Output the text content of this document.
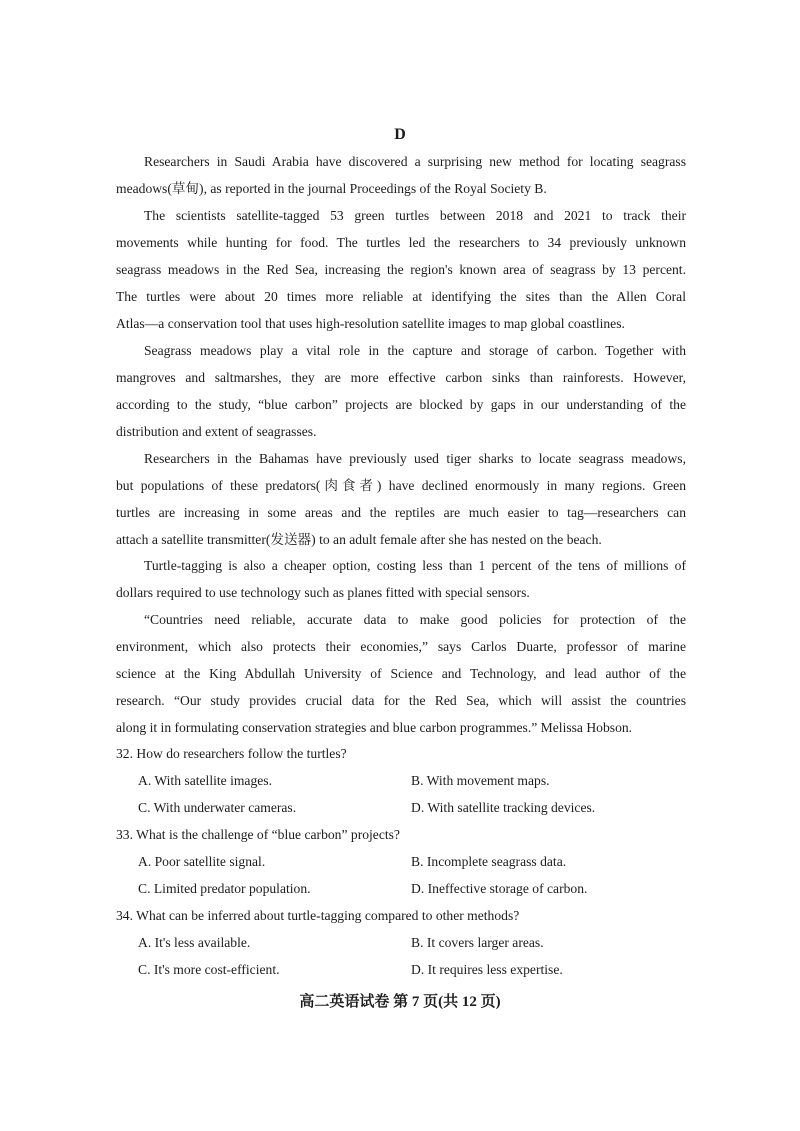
D
Researchers in Saudi Arabia have discovered a surprising new method for locating seagrass
meadows(草甸), as reported in the journal Proceedings of the Royal Society B.
The scientists satellite-tagged 53 green turtles between 2018 and 2021 to track their
movements while hunting for food. The turtles led the researchers to 34 previously unknown
seagrass meadows in the Red Sea, increasing the region's known area of seagrass by 13 percent.
The turtles were about 20 times more reliable at identifying the sites than the Allen Coral
Atlas—a conservation tool that uses high-resolution satellite images to map global coastlines.
Seagrass meadows play a vital role in the capture and storage of carbon. Together with
mangroves and saltmarshes, they are more effective carbon sinks than rainforests. However,
according to the study, “blue carbon” projects are blocked by gaps in our understanding of the
distribution and extent of seagrasses.
Researchers in the Bahamas have previously used tiger sharks to locate seagrass meadows,
but populations of these predators(肉食者) have declined enormously in many regions. Green
turtles are increasing in some areas and the reptiles are much easier to tag—researchers can
attach a satellite transmitter(发送器) to an adult female after she has nested on the beach.
Turtle-tagging is also a cheaper option, costing less than 1 percent of the tens of millions of
dollars required to use technology such as planes fitted with special sensors.
“Countries need reliable, accurate data to make good policies for protection of the
environment, which also protects their economies,” says Carlos Duarte, professor of marine
science at the King Abdullah University of Science and Technology, and lead author of the
research. “Our study provides crucial data for the Red Sea, which will assist the countries
along it in formulating conservation strategies and blue carbon programmes.” Melissa Hobson.
32. How do researchers follow the turtles?
A. With satellite images.	B. With movement maps.
C. With underwater cameras.	D. With satellite tracking devices.
33. What is the challenge of “blue carbon” projects?
A. Poor satellite signal.	B. Incomplete seagrass data.
C. Limited predator population.	D. Ineffective storage of carbon.
34. What can be inferred about turtle-tagging compared to other methods?
A. It's less available.	B. It covers larger areas.
C. It's more cost-efficient.	D. It requires less expertise.
高二英语试卷 第 7 页(共 12 页)
